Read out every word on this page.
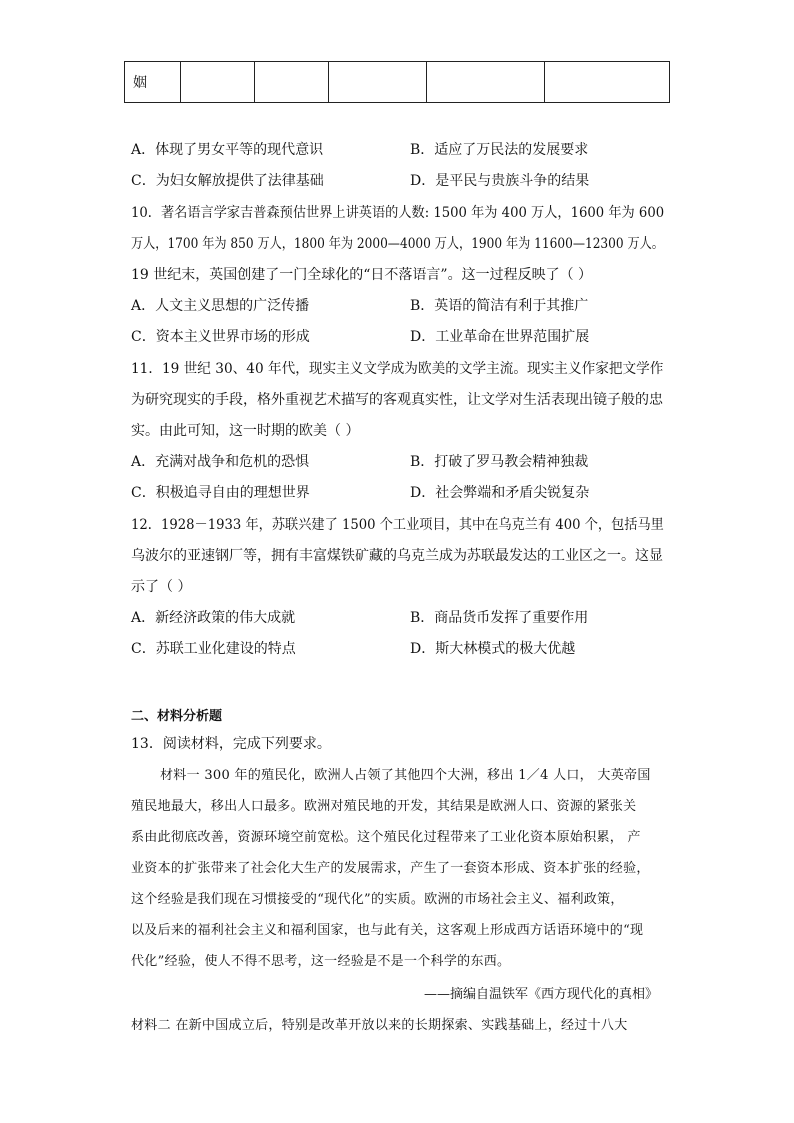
姻					
A．体现了男女平等的现代意识	B．适应了万民法的发展要求
C．为妇女解放提供了法律基础	D．是平民与贵族斗争的结果
10．著名语言学家吉普森预估世界上讲英语的人数: 1500 年为 400 万人，1600 年为 600
万人，1700 年为 850 万人，1800 年为 2000—4000 万人，1900 年为 11600—12300 万人。
19 世纪末，英国创建了一门全球化的“日不落语言”。这一过程反映了（ ）
A．人文主义思想的广泛传播	B．英语的简洁有利于其推广
C．资本主义世界市场的形成	D．工业革命在世界范围扩展
11．19 世纪 30、40 年代，现实主义文学成为欧美的文学主流。现实主义作家把文学作
为研究现实的手段，格外重视艺术描写的客观真实性，让文学对生活表现出镜子般的忠
实。由此可知，这一时期的欧美（ ）
A．充满对战争和危机的恐惧	B．打破了罗马教会精神独裁
C．积极追寻自由的理想世界	D．社会弊端和矛盾尖锐复杂
12．1928－1933 年，苏联兴建了 1500 个工业项目，其中在乌克兰有 400 个，包括马里
乌波尔的亚速钢厂等，拥有丰富煤铁矿藏的乌克兰成为苏联最发达的工业区之一。这显
示了（ ）
A．新经济政策的伟大成就	B．商品货币发挥了重要作用
C．苏联工业化建设的特点	D．斯大林模式的极大优越
二、材料分析题
13．阅读材料，完成下列要求。
材料一 300 年的殖民化，欧洲人占领了其他四个大洲，移出 1／4 人口， 大英帝国
殖民地最大，移出人口最多。欧洲对殖民地的开发，其结果是欧洲人口、资源的紧张关
系由此彻底改善，资源环境空前宽松。这个殖民化过程带来了工业化资本原始积累， 产
业资本的扩张带来了社会化大生产的发展需求，产生了一套资本形成、资本扩张的经验，
这个经验是我们现在习惯接受的“现代化”的实质。欧洲的市场社会主义、福利政策，
以及后来的福利社会主义和福利国家，也与此有关，这客观上形成西方话语环境中的“现
代化”经验，使人不得不思考，这一经验是不是一个科学的东西。
——摘编自温铁军《西方现代化的真相》
材料二 在新中国成立后，特别是改革开放以来的长期探索、实践基础上，经过十八大
